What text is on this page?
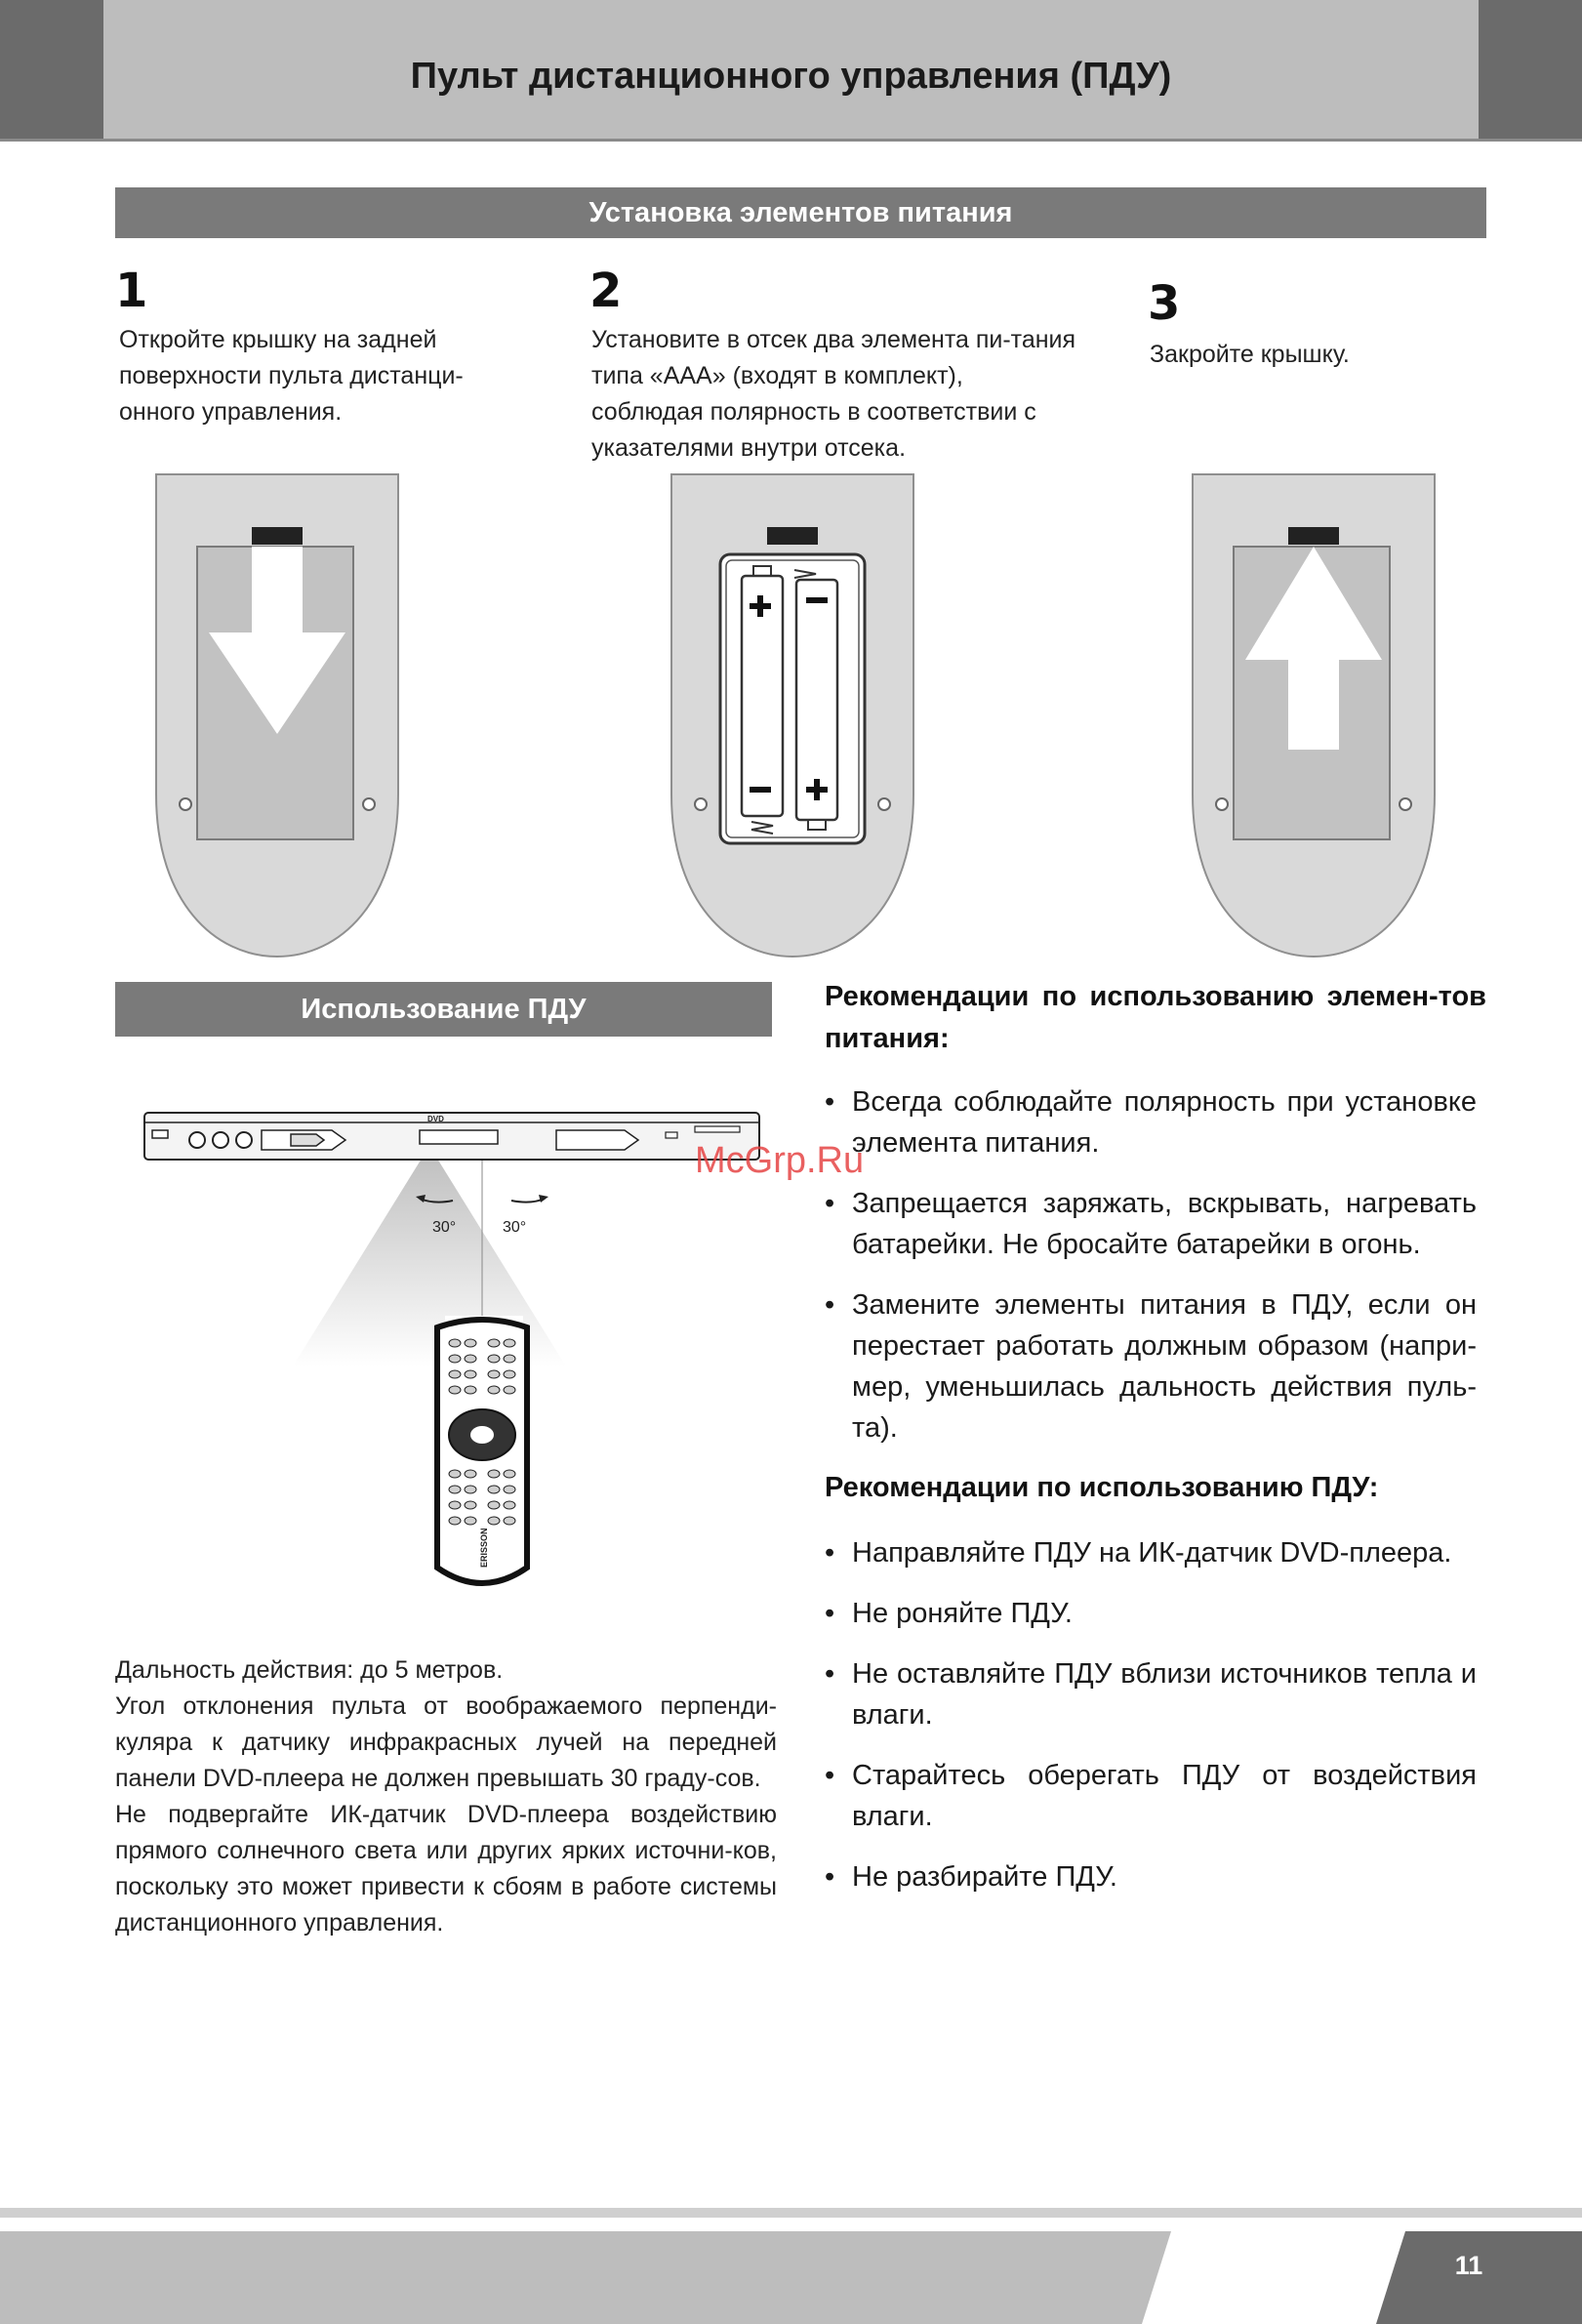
Пульт дистанционного управления (ПДУ)
Установка элементов питания
1
Откройте крышку на задней поверхности пульта дистанци-онного управления.
2
Установите в отсек два элемента пи-тания типа «ААА» (входят в комплект), соблюдая полярность в соответствии с указателями внутри отсека.
3
Закройте крышку.
Использование ПДУ
DVD
30°	30°
ERISSON

Дальность действия: до 5 метров.

Угол отклонения пульта от воображаемого перпенди-куляра к датчику инфракрасных лучей на передней панели DVD-плеера не должен превышать 30 граду-сов.

Не подвергайте ИК-датчик DVD-плеера воздействию прямого солнечного света или других ярких источни-ков, поскольку это может привести к сбоям в работе системы дистанционного управления.

Рекомендации по использованию элемен-тов питания:
• Всегда соблюдайте полярность при установке элемента питания.
• Запрещается заряжать, вскрывать, нагревать батарейки. Не бросайте батарейки в огонь.
• Замените элементы питания в ПДУ, если он перестает работать должным образом (напри-мер, уменьшилась дальность действия пуль-та).
Рекомендации по использованию ПДУ:
• Направляйте ПДУ на ИК-датчик DVD-плеера.
• Не роняйте ПДУ.
• Не оставляйте ПДУ вблизи источников тепла и влаги.
• Старайтесь оберегать ПДУ от воздействия влаги.
• Не разбирайте ПДУ.
McGrp.Ru
11
